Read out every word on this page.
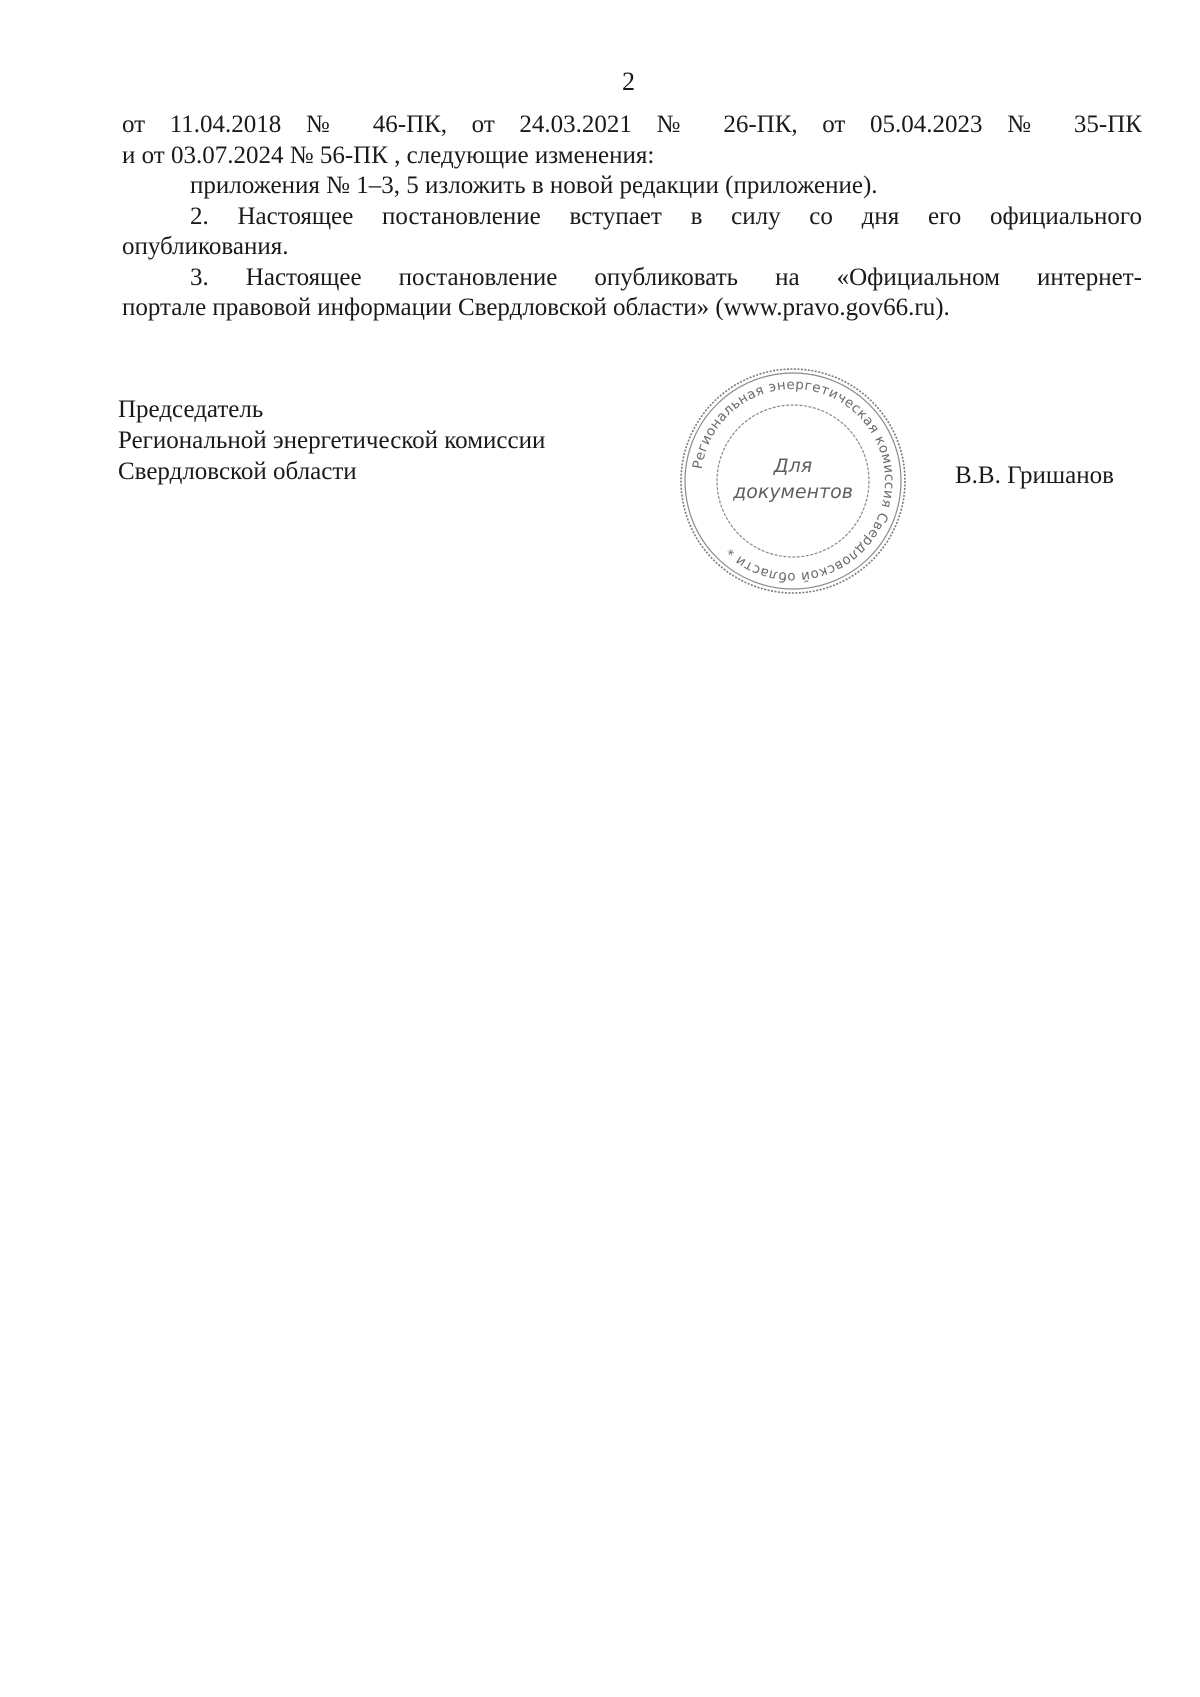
2
от 11.04.2018 № 46-ПК, от 24.03.2021 № 26-ПК, от 05.04.2023 № 35-ПК
и от 03.07.2024 № 56-ПК , следующие изменения:
приложения № 1–3, 5 изложить в новой редакции (приложение).
2. Настоящее постановление вступает в силу со дня его официального
опубликования.
3. Настоящее постановление опубликовать на «Официальном интернет-
портале правовой информации Свердловской области» (www.pravo.gov66.ru).
Председатель
Региональной энергетической комиссии
Свердловской области	Региональная энергетическая комиссия Свердловской области ⁎
Для
документов
В.В. Гришанов
